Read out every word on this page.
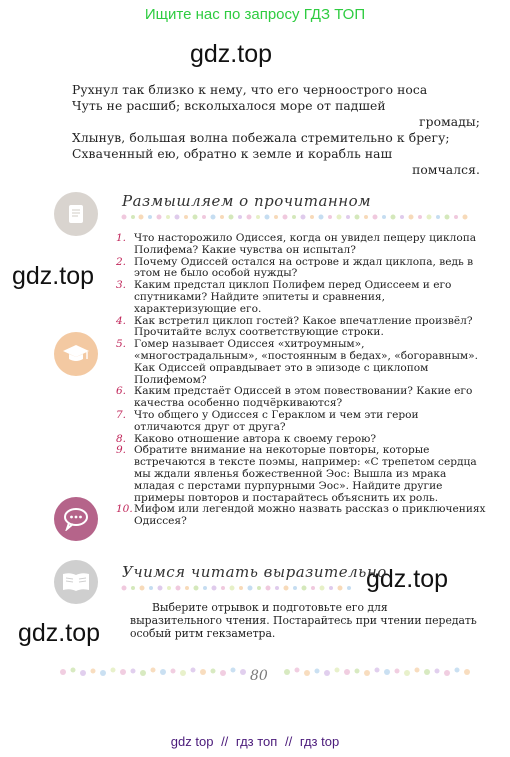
Ищите нас по запросу ГДЗ ТОП
gdz.top
gdz.top
gdz.top
gdz.top
Рухнул так близко к нему, что его черноострого носа
Чуть не расшиб; всколыхалося море от падшей
громады;
Хлынув, большая волна побежала стремительно к брегу;
Схваченный ею, обратно к земле и корабль наш
помчался.
Размышляем о прочитанном
1. Что насторожило Одиссея, когда он увидел пещеру циклопа Полифема? Какие чувства он испытал?
2. Почему Одиссей остался на острове и ждал циклопа, ведь в этом не было особой нужды?
3. Каким предстал циклоп Полифем перед Одиссеем и его спутниками? Найдите эпитеты и сравнения, характеризующие его.
4. Как встретил циклоп гостей? Какое впечатление произвёл? Прочитайте вслух соответствующие строки.
5. Гомер называет Одиссея «хитроумным», «многострадальным», «постоянным в бедах», «богоравным». Как Одиссей оправдывает это в эпизоде с циклопом Полифемом?
6. Каким предстаёт Одиссей в этом повествовании? Какие его качества особенно подчёркиваются?
7. Что общего у Одиссея с Гераклом и чем эти герои отличаются друг от друга?
8. Каково отношение автора к своему герою?
9. Обратите внимание на некоторые повторы, которые встречаются в тексте поэмы, например: «С трепетом сердца мы ждали явленья божественной Эос: Вышла из мрака младая с перстами пурпурными Эос». Найдите другие примеры повторов и постарайтесь объяснить их роль.
10. Мифом или легендой можно назвать рассказ о приключениях Одиссея?
Учимся читать выразительно
Выберите отрывок и подготовьте его для выразительного чтения. Постарайтесь при чтении передать особый ритм гекзаметра.
80
gdz top // гдз топ // гдз top
